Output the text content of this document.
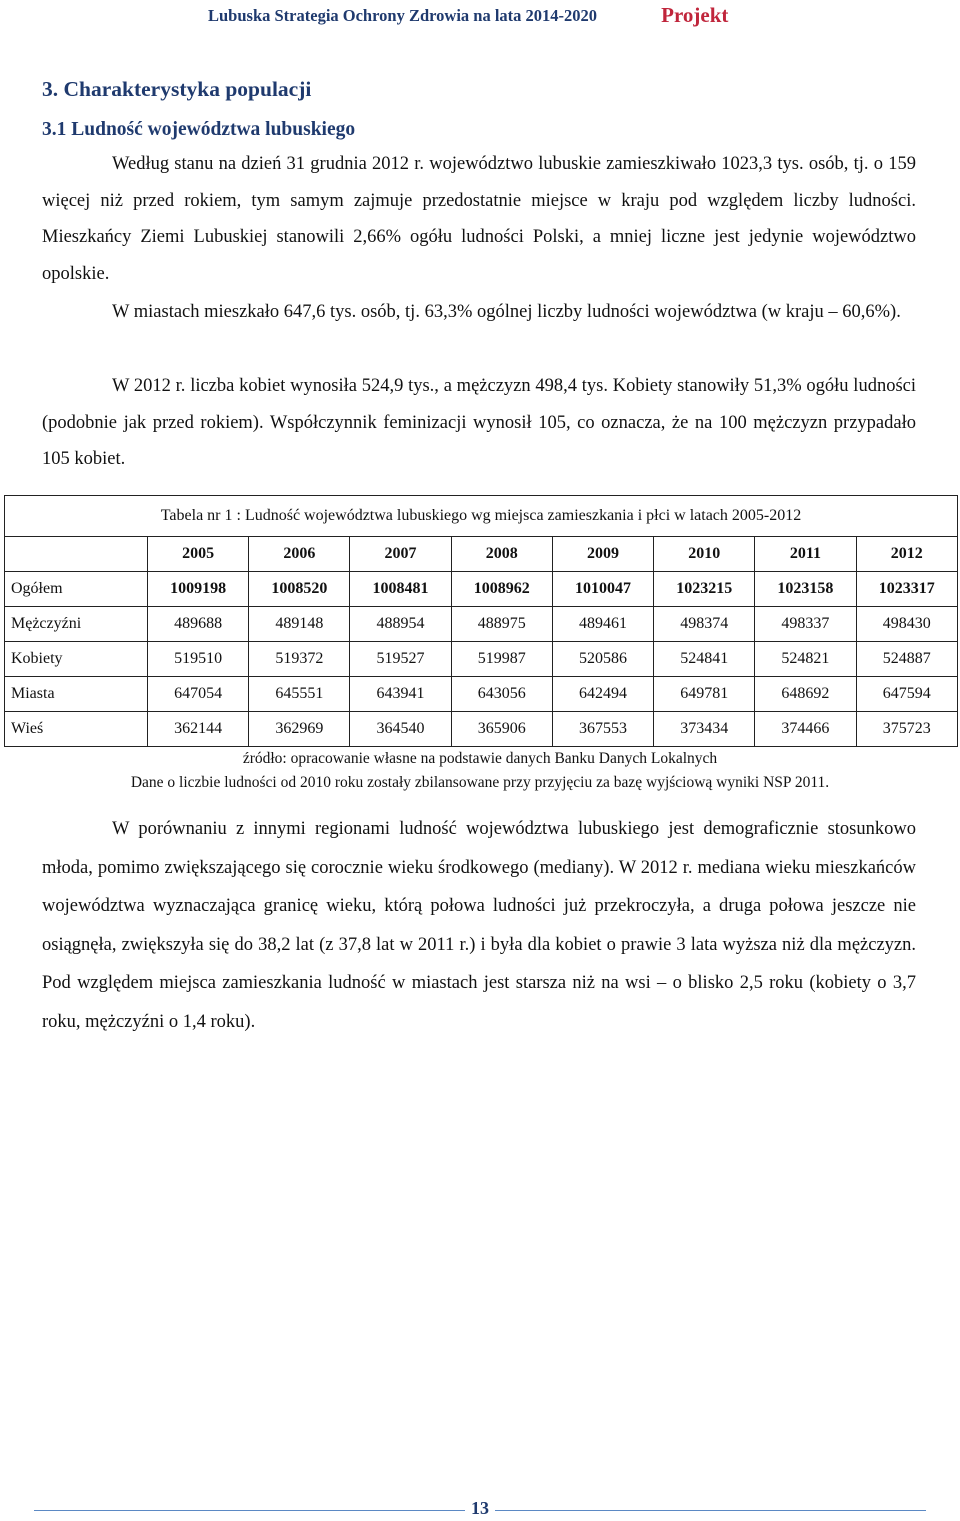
Lubuska Strategia Ochrony Zdrowia na lata 2014-2020	Projekt
3. Charakterystyka populacji
3.1 Ludność województwa lubuskiego

Według stanu na dzień 31 grudnia 2012 r. województwo lubuskie zamieszkiwało 1023,3 tys. osób, tj. o 159 więcej niż przed rokiem, tym samym zajmuje przedostatnie miejsce w kraju pod względem liczby ludności. Mieszkańcy Ziemi Lubuskiej stanowili 2,66% ogółu ludności Polski, a mniej liczne jest jedynie województwo opolskie.

W miastach mieszkało 647,6 tys. osób, tj. 63,3% ogólnej liczby ludności województwa (w kraju – 60,6%).

W 2012 r. liczba kobiet wynosiła 524,9 tys., a mężczyzn 498,4 tys. Kobiety stanowiły 51,3% ogółu ludności (podobnie jak przed rokiem). Współczynnik feminizacji wynosił 105, co oznacza, że na 100 mężczyzn przypadało 105 kobiet.

Tabela nr 1 : Ludność województwa lubuskiego wg miejsca zamieszkania i płci w latach 2005-2012								
	2005	2006	2007	2008	2009	2010	2011	2012
Ogółem	1009198	1008520	1008481	1008962	1010047	1023215	1023158	1023317
Mężczyźni	489688	489148	488954	488975	489461	498374	498337	498430
Kobiety	519510	519372	519527	519987	520586	524841	524821	524887
Miasta	647054	645551	643941	643056	642494	649781	648692	647594
Wieś	362144	362969	364540	365906	367553	373434	374466	375723
źródło: opracowanie własne na podstawie danych Banku Danych Lokalnych
Dane o liczbie ludności od 2010 roku zostały zbilansowane przy przyjęciu za bazę wyjściową wyniki NSP 2011.

W porównaniu z innymi regionami ludność województwa lubuskiego jest demograficznie stosunkowo młoda, pomimo zwiększającego się corocznie wieku środkowego (mediany). W 2012 r. mediana wieku mieszkańców województwa wyznaczająca granicę wieku, którą połowa ludności już przekroczyła, a druga połowa jeszcze nie osiągnęła, zwiększyła się do 38,2 lat (z 37,8 lat w 2011 r.) i była dla kobiet o prawie 3 lata wyższa niż dla mężczyzn. Pod względem miejsca zamieszkania ludność w miastach jest starsza niż na wsi – o blisko 2,5 roku (kobiety o 3,7 roku, mężczyźni o 1,4 roku).

13
